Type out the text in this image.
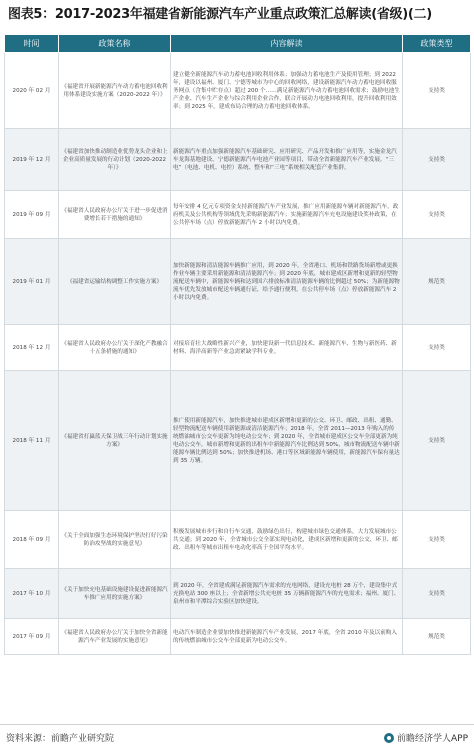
图表5：2017-2023年福建省新能源汽车产业重点政策汇总解读(省级)(二)
时间	政策名称	内容解读	政策类型
2020 年 02 月	《福建省开展新能源汽车动力蓄电池回收利用体系建设实施方案（2020-2022 年）》	建立健全新能源汽车动力蓄电池回收利用体系；加强动力蓄电池生产及使用管理；到 2022 年，建设以福州、厦门、宁德等城市为中心的回收网络，建设新能源汽车动力蓄电池回收服务网点（含集中贮存点）超过 200 个……满足新能源汽车动力蓄电池回收需求；鼓励电池生产企业、汽车生产企业与综合利用企业合作，联合开展动力电池回收利用，提升回收利用效率；到 2025 年，建成布局合理的动力蓄电池回收体系。	支持类
2019 年 12 月	《福建省加快推动制造业优势龙头企业和上企业高质量发展的行动计划（2020-2022 年）》	新能源汽车重点加强新能源汽车基础研究、应用研究、产品开发和推广应用等，实施金龙汽车龙海基地建设、宁德新能源汽车电池产业园等项目，带动全省新能源汽车产业发展。“三电”（电池、电机、电控）系统、整车和“三电”系统相关配套产业集群。	支持类
2019 年 09 月	《福建省人民政府办公厅关于进一步促进消费增长若干措施的通知》	每年安排 4 亿元专项资金支持新能源汽车产业发展，推广应用新能源车辆对新能源汽车，政府机关及公共机构等领域优先采购新能源汽车；实施新能源汽车充电设施建设奖补政策，在公共停车场（点）停放新能源汽车 2 小时以内免费。	支持类
2019 年 01 月	《福建省运输结构调整工作实施方案》	加快新能源和清洁能源车辆推广应用，到 2020 年，全省港口、机场和铁路货场新增或更换作业车辆主要采用新能源和清洁能源汽车；到 2020 年底，城市建成区新增和更新的轻型物流配送车辆中，新能源车辆和达到国六排放标准清洁能源车辆的比例超过 50%；为新能源物流车优先发放城市配送车辆通行证，给予通行便利，在公共停车场（点）停放新能源汽车 2 小时以内免费。	规范类
2018 年 12 月	《福建省人民政府办公厅关于深化产教融合十五条措施的通知》	对接培育壮大战略性新兴产业，加快建设新一代信息技术、新能源汽车、生物与新医药、新材料、海洋高新等产业急需紧缺学科专业。	支持类
2018 年 11 月	《福建省打赢蓝天保卫战三年行动计划实施方案》	推广使用新能源汽车，加快推进城市建成区新增和更新的公交、环卫、邮政、出租、通勤、轻型物流配送车辆使用新能源或清洁能源汽车；2018 年，全省 2011—2013 年购入的传统燃油城市公交车更新为纯电动公交车；到 2020 年，全省城市建成区公交车全部更新为纯电动公交车，城市新增和更新的出租车中新能源汽车比例达到 50%，城市物流配送车辆中新能源车辆比例达到 50%；加快推进机场、港口等区域新能源车辆使用，新能源汽车保有量达到 35 万辆。	支持类
2018 年 09 月	《关于全面加强生态环境保护坚决打好污染防治攻坚战的实施意见》	积极发展城市步行和自行车交通，鼓励绿色出行，构建城市绿色交通体系，大力发展城市公共交通；到 2020 年，全省城市公交全部实现电动化，建成区新增和更新的公交、环卫、邮政、出租车等城市出租车电动化率高于全国平均水平。	支持类
2017 年 10 月	《关于加快充电基础设施建设促进新能源汽车推广应用的实施方案》	到 2020 年，全省建成满足新能源汽车需求的充电网络，建设充电桩 28 万个，建设集中式充换电站 300 座以上；全省新增公共充电桩 35 万辆新能源汽车的充电需求；福州、厦门、泉州市和平潭综合实验区加快建设。	支持类
2017 年 09 月	《福建省人民政府办公厅关于加快全省新能源汽车产业发展的实施意见》	电动汽车制造企业要加快推进新能源汽车产业发展，2017 年底，全省 2010 年及以前购入的传统燃油城市公交车全部更新为电动公交车。	规范类
资料来源：前瞻产业研究院	前瞻经济学人APP
